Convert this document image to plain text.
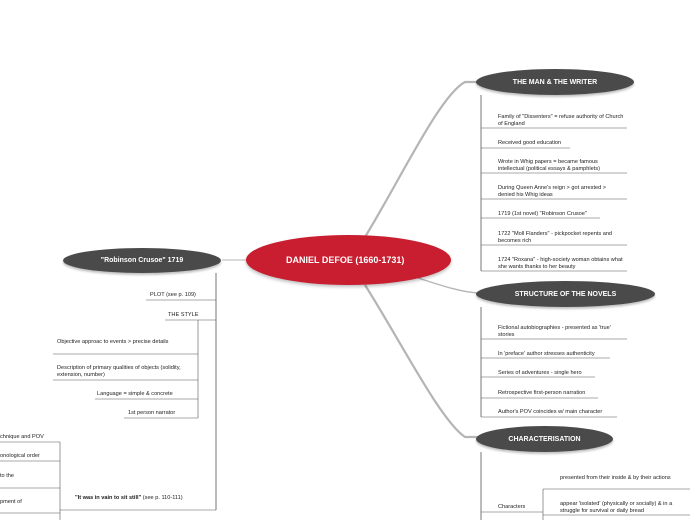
DANIEL DEFOE (1660-1731)
THE MAN & THE WRITER
STRUCTURE OF THE NOVELS
CHARACTERISATION
"Robinson Crusoe" 1719
Family of "Dissenters" = refuse authority of Church of England
Received good education
Wrote in Whig papers = became famous intellectual (political essays & pamphlets)
During Queen Anne's reign > got arrested > denied his Whig ideas
1719 (1st novel) "Robinson Crusoe"
1722 "Moll Flanders" - pickpocket repents and becomes rich
1724 "Roxana" - high-society woman obtains what she wants thanks to her beauty
Fictional autobiographies - presented as 'true' stories
In 'preface' author stresses authenticity
Series of adventures - single hero
Retrospective first-person narration
Author's POV coincides w/ main character
Characters
presented from their inside & by their actions
appear 'isolated' (physically or socially) & in a struggle for survival or daily bread
PLOT (see p. 109)
THE STYLE
Objective approac to events > precise details
Description of primary qualities of objects (solidity, extension, number)
Language = simple & concrete
1st person narrator
"It was in vain to sit still" (see p. 110-111)
chnique and POV
onological order
to the
pment of
